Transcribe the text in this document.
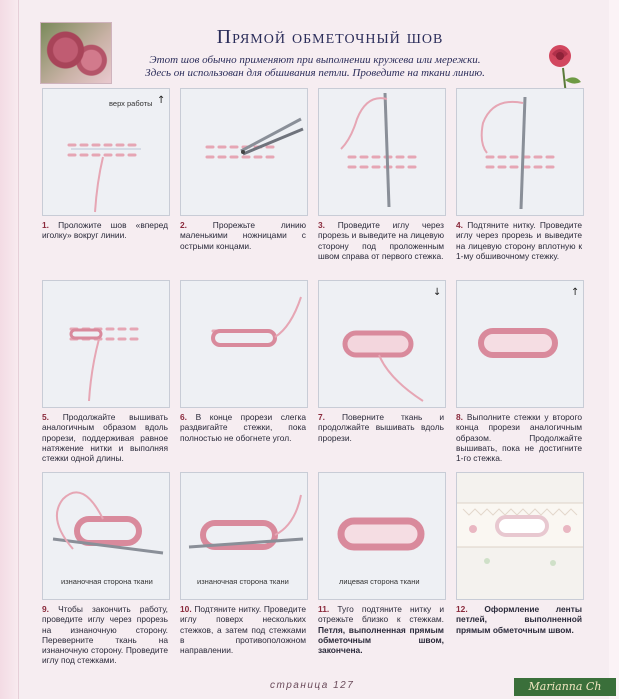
Прямой обметочный шов
Этот шов обычно применяют при выполнении кружева или мережки.
Здесь он использован для обшивания петли. Проведите на ткани линию.
верх работы ↑
1. Проложите шов «вперед иголку» вокруг линии.
2.	Прорежьте линию маленькими ножницами с острыми концами.
3. Проведите иглу через прорезь и выведите на лицевую сторону под проложенным швом справа от первого стежка.
4. Подтяните нитку. Проведите иглу через прорезь и выведите на лицевую сторону вплотную к 1-му обшивочному стежку.
5. Продолжайте вышивать аналогичным образом вдоль прорези, поддерживая равное натяжение нитки и выполняя стежки одной длины.
6. В конце прорези слегка раздвигайте стежки, пока полностью не обогнете угол.
↓
7. Поверните ткань и продолжайте вышивать вдоль прорези.
↑
8. Выполните стежки у второго конца прорези аналогичным образом. Продолжайте вышивать, пока не достигните 1-го стежка.
изнаночная сторона ткани
9. Чтобы закончить работу, проведите иглу через прорезь на изнаночную сторону. Переверните ткань на изнаночную сторону. Проведите иглу под стежками.
изнаночная сторона ткани
10. Подтяните нитку. Проведите иглу поверх нескольких стежков, а затем под стежками в противоположном направлении.
лицевая сторона ткани
11. Туго подтяните нитку и отрежьте близко к стежкам. Петля, выполненная прямым обметочным швом, закончена.
12. Оформление ленты петлей, выполненной прямым обметочным швом.
страница 127	Marianna Ch
